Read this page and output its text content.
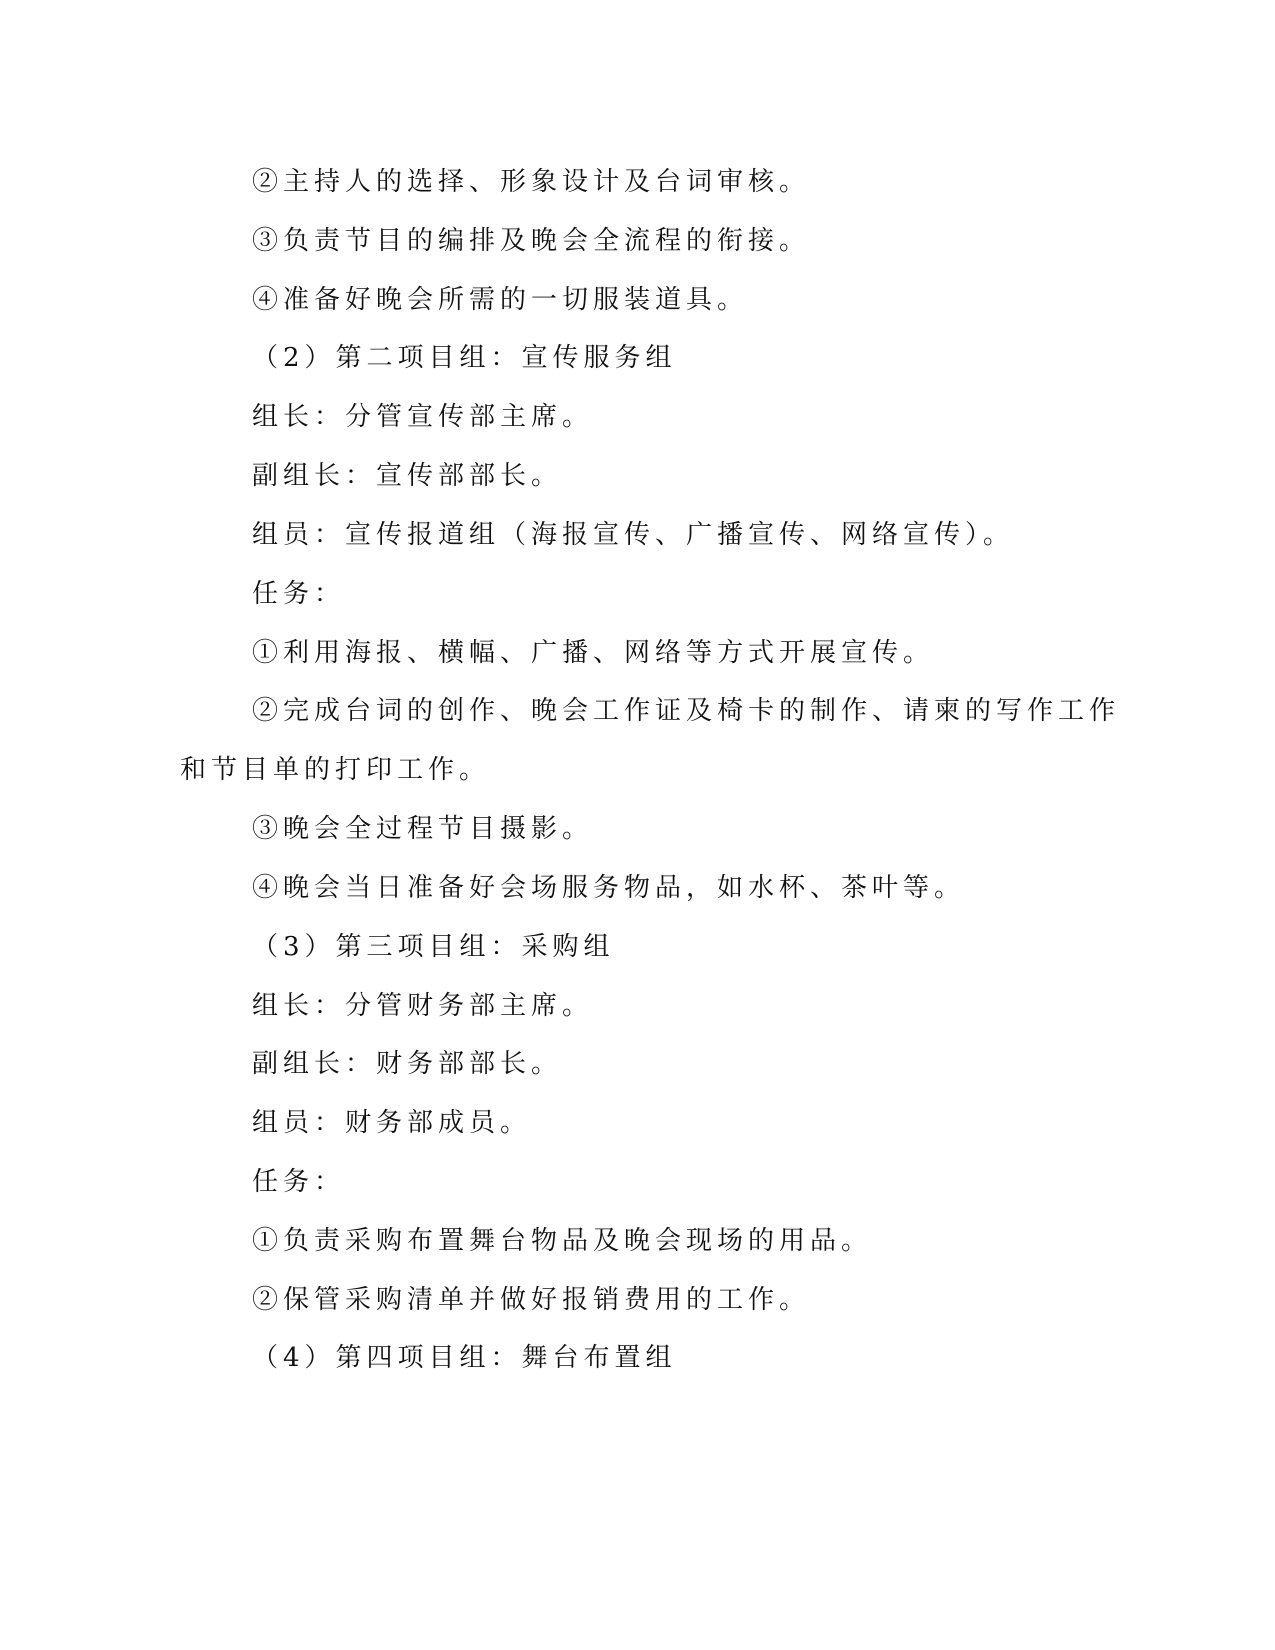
②主持人的选择、形象设计及台词审核。
③负责节目的编排及晚会全流程的衔接。
④准备好晚会所需的一切服装道具。
（2）第二项目组：宣传服务组
组长：分管宣传部主席。
副组长：宣传部部长。
组员：宣传报道组（海报宣传、广播宣传、网络宣传）。
任务：
①利用海报、横幅、广播、网络等方式开展宣传。
②完成台词的创作、晚会工作证及椅卡的制作、请柬的写作工作
和节目单的打印工作。
③晚会全过程节目摄影。
④晚会当日准备好会场服务物品，如水杯、茶叶等。
（3）第三项目组：采购组
组长：分管财务部主席。
副组长：财务部部长。
组员：财务部成员。
任务：
①负责采购布置舞台物品及晚会现场的用品。
②保管采购清单并做好报销费用的工作。
（4）第四项目组：舞台布置组
